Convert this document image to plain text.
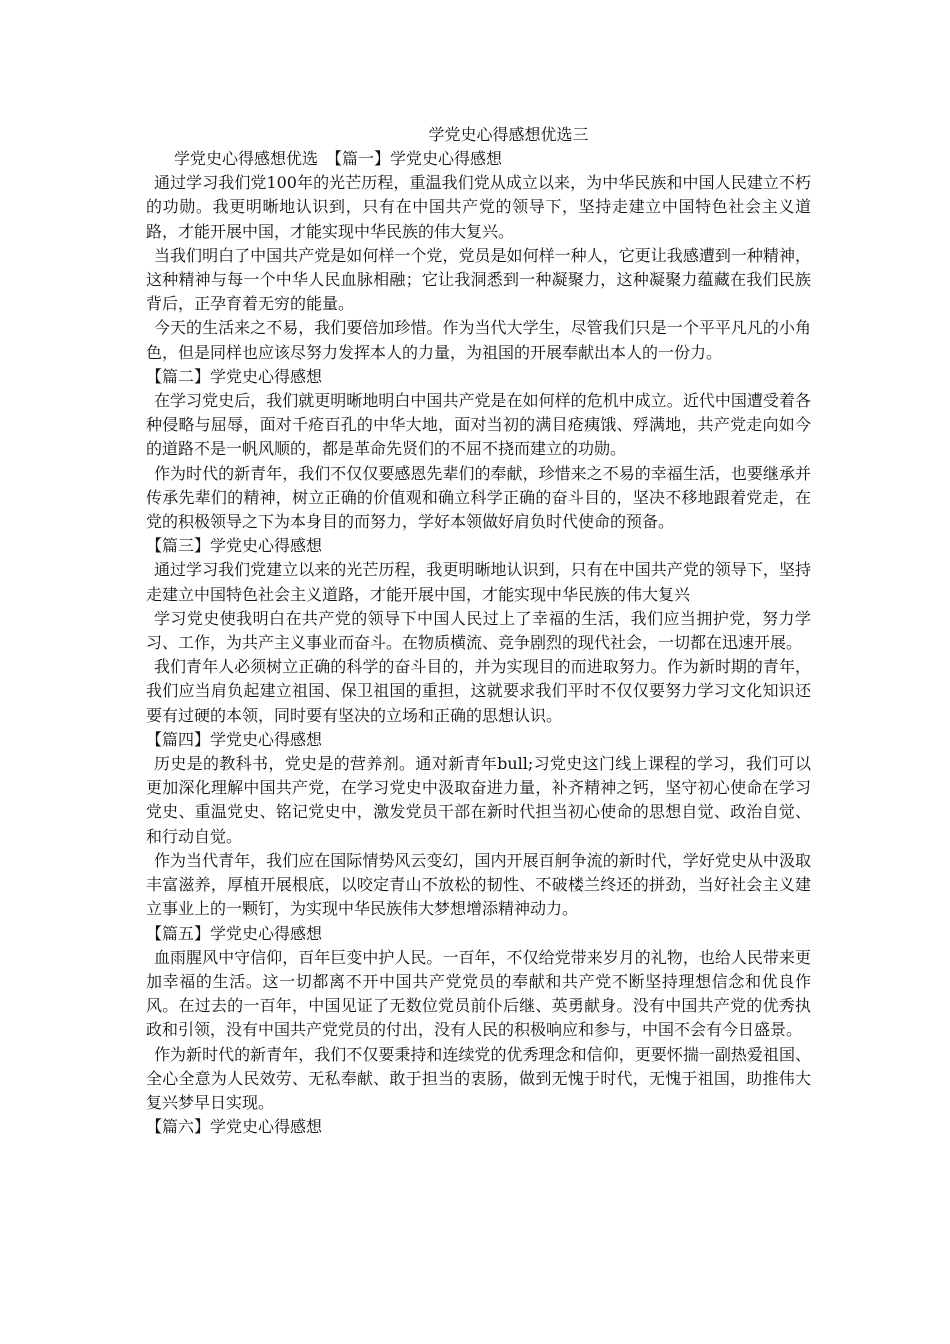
学党史心得感想优选三
学党史心得感想优选　【篇一】学党史心得感想

通过学习我们党100年的光芒历程，重温我们党从成立以来，为中华民族和中国人民建立不朽的功勋。我更明晰地认识到，只有在中国共产党的领导下，坚持走建立中国特色社会主义道路，才能开展中国，才能实现中华民族的伟大复兴。

当我们明白了中国共产党是如何样一个党，党员是如何样一种人，它更让我感遭到一种精神，这种精神与每一个中华人民血脉相融；它让我洞悉到一种凝聚力，这种凝聚力蕴藏在我们民族背后，正孕育着无穷的能量。

今天的生活来之不易，我们要倍加珍惜。作为当代大学生，尽管我们只是一个平平凡凡的小角色，但是同样也应该尽努力发挥本人的力量，为祖国的开展奉献出本人的一份力。

【篇二】学党史心得感想

在学习党史后，我们就更明晰地明白中国共产党是在如何样的危机中成立。近代中国遭受着各种侵略与屈辱，面对千疮百孔的中华大地，面对当初的满目疮痍饿、殍满地，共产党走向如今的道路不是一帆风顺的，都是革命先贤们的不屈不挠而建立的功勋。

作为时代的新青年，我们不仅仅要感恩先辈们的奉献，珍惜来之不易的幸福生活，也要继承并传承先辈们的精神，树立正确的价值观和确立科学正确的奋斗目的，坚决不移地跟着党走，在党的积极领导之下为本身目的而努力，学好本领做好肩负时代使命的预备。

【篇三】学党史心得感想

通过学习我们党建立以来的光芒历程，我更明晰地认识到，只有在中国共产党的领导下，坚持走建立中国特色社会主义道路，才能开展中国，才能实现中华民族的伟大复兴

学习党史使我明白在共产党的领导下中国人民过上了幸福的生活，我们应当拥护党，努力学习、工作，为共产主义事业而奋斗。在物质横流、竞争剧烈的现代社会，一切都在迅速开展。

我们青年人必须树立正确的科学的奋斗目的，并为实现目的而进取努力。作为新时期的青年，我们应当肩负起建立祖国、保卫祖国的重担，这就要求我们平时不仅仅要努力学习文化知识还要有过硬的本领，同时要有坚决的立场和正确的思想认识。

【篇四】学党史心得感想

历史是的教科书，党史是的营养剂。通对新青年bull;习党史这门线上课程的学习，我们可以更加深化理解中国共产党，在学习党史中汲取奋进力量，补齐精神之钙，坚守初心使命在学习党史、重温党史、铭记党史中，激发党员干部在新时代担当初心使命的思想自觉、政治自觉、和行动自觉。

作为当代青年，我们应在国际情势风云变幻，国内开展百舸争流的新时代，学好党史从中汲取丰富滋养，厚植开展根底，以咬定青山不放松的韧性、不破楼兰终还的拼劲，当好社会主义建立事业上的一颗钉，为实现中华民族伟大梦想增添精神动力。

【篇五】学党史心得感想

血雨腥风中守信仰，百年巨变中护人民。一百年，不仅给党带来岁月的礼物，也给人民带来更加幸福的生活。这一切都离不开中国共产党党员的奉献和共产党不断坚持理想信念和优良作风。在过去的一百年，中国见证了无数位党员前仆后继、英勇献身。没有中国共产党的优秀执政和引领，没有中国共产党党员的付出，没有人民的积极响应和参与，中国不会有今日盛景。

作为新时代的新青年，我们不仅要秉持和连续党的优秀理念和信仰，更要怀揣一副热爱祖国、全心全意为人民效劳、无私奉献、敢于担当的衷肠，做到无愧于时代，无愧于祖国，助推伟大复兴梦早日实现。

【篇六】学党史心得感想
